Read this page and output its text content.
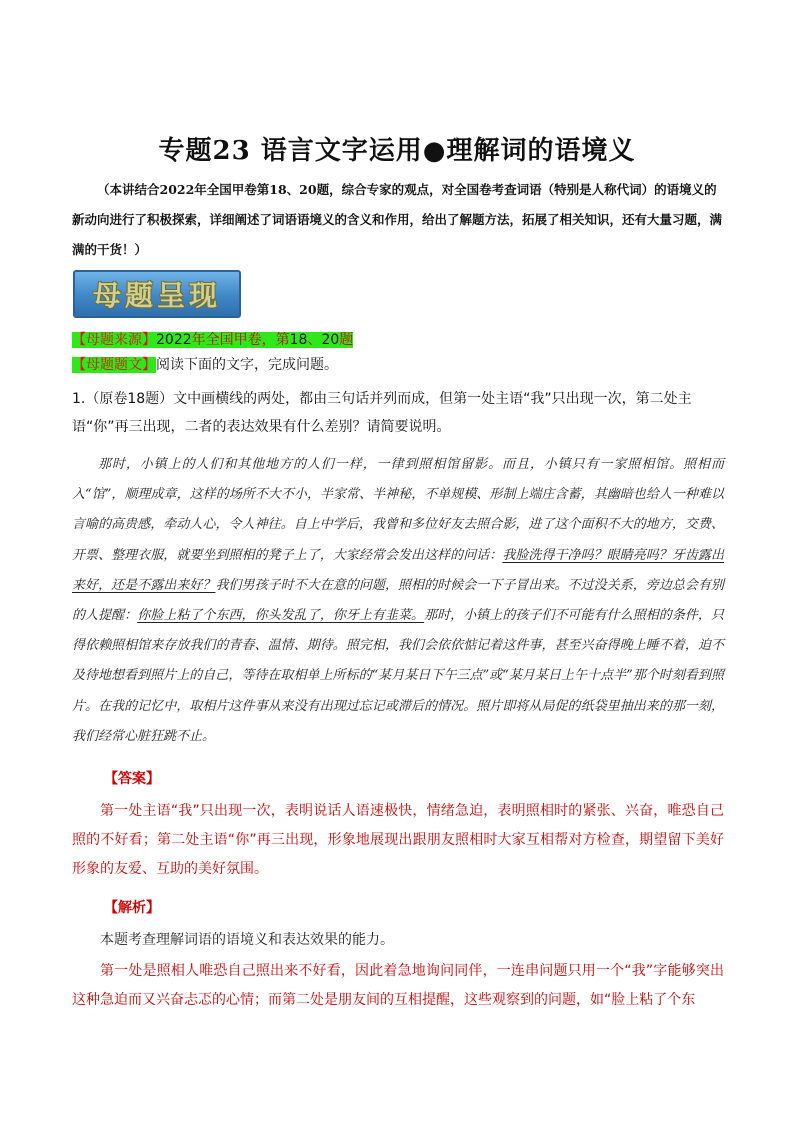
专题23 语言文字运用●理解词的语境义
（本讲结合2022年全国甲卷第18、20题，综合专家的观点，对全国卷考查词语（特别是人称代词）的语境义的新动向进行了积极探索，详细阐述了词语语境义的含义和作用，给出了解题方法，拓展了相关知识，还有大量习题，满满的干货！）
母题呈现
【母题来源】2022年全国甲卷，第18、20题
【母题题文】阅读下面的文字，完成问题。
1.（原卷18题）文中画横线的两处，都由三句话并列而成，但第一处主语“我”只出现一次，第二处主语“你”再三出现，二者的表达效果有什么差别？请简要说明。
那时，小镇上的人们和其他地方的人们一样，一律到照相馆留影。而且，小镇只有一家照相馆。照相而入“馆”，顺理成章，这样的场所不大不小，半家常、半神秘，不单规模、形制上端庄含蓄，其幽暗也给人一种难以言喻的高贵感，牵动人心，令人神往。自上中学后，我曾和多位好友去照合影，进了这个面积不大的地方，交费、开票、整理衣服，就要坐到照相的凳子上了，大家经常会发出这样的问话：我脸洗得干净吗？眼睛亮吗？牙齿露出来好，还是不露出来好？我们男孩子时不大在意的问题，照相的时候会一下子冒出来。不过没关系，旁边总会有别的人提醒：你脸上粘了个东西，你头发乱了，你牙上有韭菜。那时，小镇上的孩子们不可能有什么照相的条件，只得依赖照相馆来存放我们的青春、温情、期待。照完相，我们会依依惦记着这件事，甚至兴奋得晚上睡不着，迫不及待地想看到照片上的自己，等待在取相单上所标的“某月某日下午三点”或“某月某日上午十点半”那个时刻看到照片。在我的记忆中，取相片这件事从来没有出现过忘记或滞后的情况。照片即将从局促的纸袋里抽出来的那一刻，我们经常心脏狂跳不止。
【答案】
第一处主语“我”只出现一次，表明说话人语速极快，情绪急迫，表明照相时的紧张、兴奋，唯恐自己照的不好看；第二处主语“你”再三出现，形象地展现出跟朋友照相时大家互相帮对方检查，期望留下美好形象的友爱、互助的美好氛围。
【解析】
本题考查理解词语的语境义和表达效果的能力。
第一处是照相人唯恐自己照出来不好看，因此着急地询问同伴，一连串问题只用一个“我”字能够突出这种急迫而又兴奋忐忑的心情；而第二处是朋友间的互相提醒，这些观察到的问题，如“脸上粘了个东
